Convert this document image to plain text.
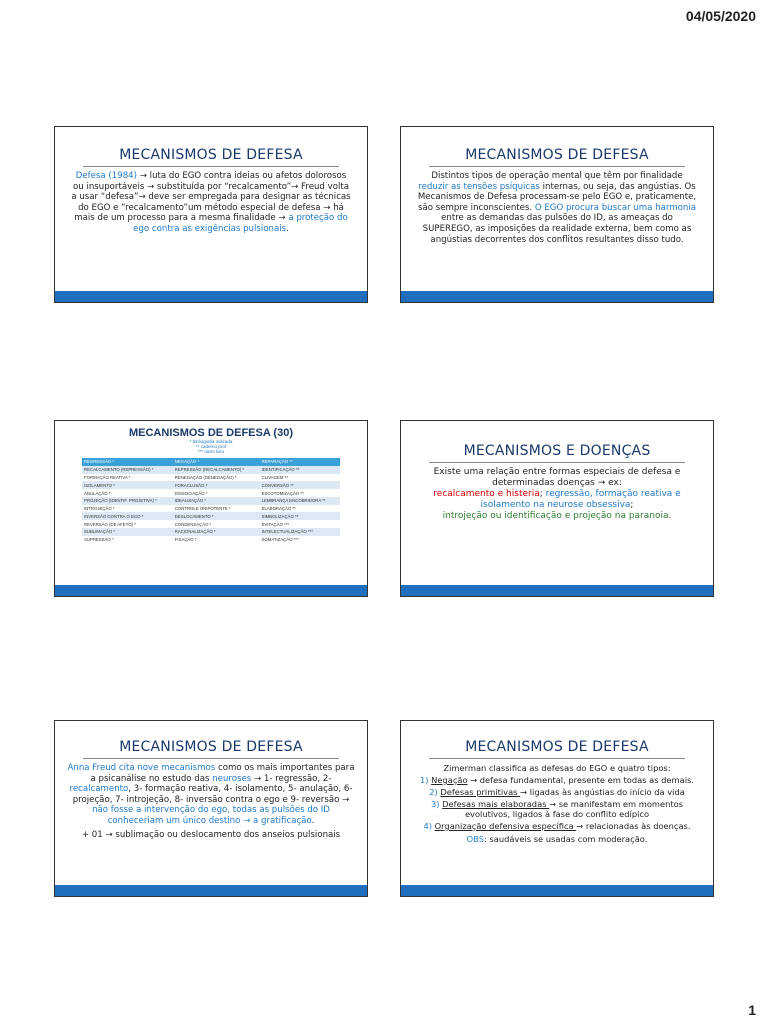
04/05/2020
MECANISMOS DE DEFESA
Defesa (1984) → luta do EGO contra ideias ou afetos dolorosos ou insuportáveis → substituída por “recalcamento”→ Freud volta a usar “defesa”→ deve ser empregada para designar as técnicas do EGO e “recalcamento”um método especial de defesa → há mais de um processo para a mesma finalidade → a proteção do ego contra as exigências pulsionais.
MECANISMOS DE DEFESA
Distintos tipos de operação mental que têm por finalidade reduzir as tensões psíquicas internas, ou seja, das angústias. Os Mecanismos de Defesa processam-se pelo EGO e, praticamente, são sempre inconscientes. O EGO procura buscar uma harmonia entre as demandas das pulsões do ID, as ameaças do SUPEREGO, as imposições da realidade externa, bem como as angústias decorrentes dos conflitos resultantes disso tudo.
MECANISMOS DE DEFESA (30)
* bibliografia indicada
** caderno prof
*** outro livro
REGRESSÃO *	NEGAÇÃO *	REPARAÇÃO **
RECALCAMENTO (REPRESSÃO) *	REPRESSÃO (RECALCAMENTO) *	IDENTIFICAÇÃO **
FORMAÇÃO REATIVA *	RENEGAÇÃO (DENEGAÇÃO) *	CLIVAGEM **
ISOLAMENTO *	FORACLUSÃO *	CONVERSÃO **
ANULAÇÃO *	DISSOCIAÇÃO *	ESCOTOMIZAÇÃO **
PROJEÇÃO (IDENTIF. PROJETIVA) *	IDEALIZAÇÃO *	LEMBRANÇA ENCOBRIDORA **
INTROJEÇÃO *	CONTROLE ONIPOTENTE *	ELABORAÇÃO **
INVERSÃO CONTRA O EGO *	DESLOCAMENTO *	SIMBOLIZAÇÃO **
REVERSÃO (DE AFETO) *	CONDENSAÇÃO *	EVITAÇÃO ***
SUBLIMAÇÃO *	RACIONALIZAÇÃO *	INTELECTUALIZAÇÃO ***
SUPRESSÃO *	FIXAÇÃO *	SOMATIZAÇÃO ***
MECANISMOS E DOENÇAS
Existe uma relação entre formas especiais de defesa e determinadas doenças → ex:
recalcamento e histeria; regressão, formação reativa e isolamento na neurose obsessiva;
introjeção ou identificação e projeção na paranoia.
MECANISMOS DE DEFESA
Anna Freud cita nove mecanismos como os mais importantes para a psicanálise no estudo das neuroses → 1- regressão, 2-recalcamento, 3- formação reativa, 4- isolamento, 5- anulação, 6- projeção, 7- introjeção, 8- inversão contra o ego e 9- reversão → não fosse a intervenção do ego, todas as pulsões do ID conheceriam um único destino → a gratificação.
+ 01 → sublimação ou deslocamento dos anseios pulsionais
MECANISMOS DE DEFESA
Zimerman classifica as defesas do EGO e quatro tipos:
1) Negação → defesa fundamental, presente em todas as demais.
2) Defesas primitivas → ligadas às angústias do início da vida
3) Defesas mais elaboradas → se manifestam em momentos evolutivos, ligados à fase do conflito edípico
4) Organização defensiva específica → relacionadas às doenças.
OBS: saudáveis se usadas com moderação.
1
